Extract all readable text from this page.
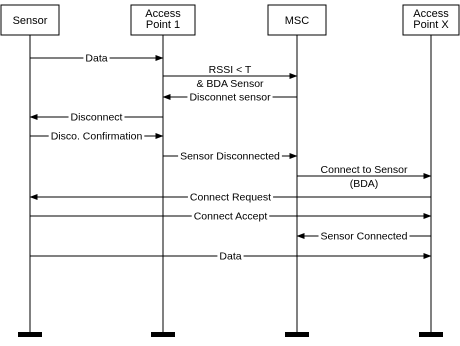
Data
RSSI < T
& BDA Sensor
Disconnet sensor
Disconnect
Disco. Confirmation
Sensor Disconnected
Connect to Sensor
(BDA)
Connect Request
Connect Accept
Sensor Connected
Data
Sensor
Access
Point 1	MSC
Access
Point X
